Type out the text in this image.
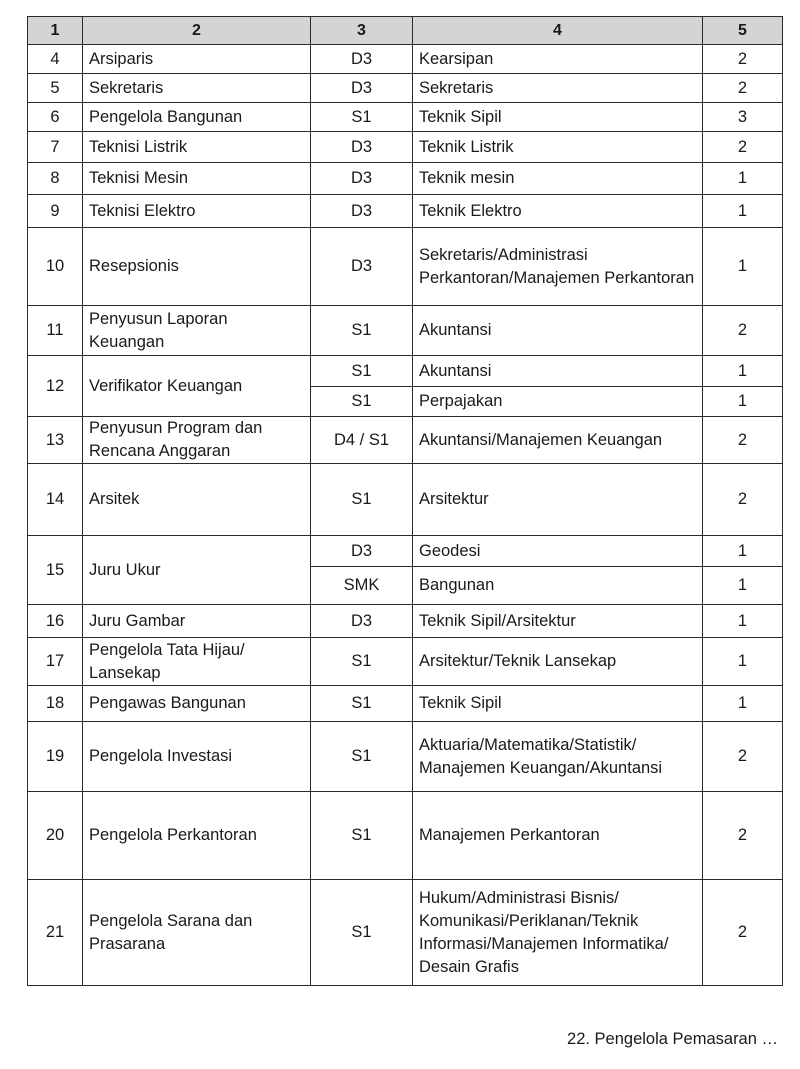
1	2	3	4	5
4	Arsiparis	D3	Kearsipan	2
5	Sekretaris	D3	Sekretaris	2
6	Pengelola Bangunan	S1	Teknik Sipil	3
7	Teknisi Listrik	D3	Teknik Listrik	2
8	Teknisi Mesin	D3	Teknik mesin	1
9	Teknisi Elektro	D3	Teknik Elektro	1
10	Resepsionis	D3	Sekretaris/Administrasi Perkantoran/Manajemen Perkantoran	1
11	Penyusun Laporan Keuangan	S1	Akuntansi	2
12	Verifikator Keuangan	S1	Akuntansi	1
		S1	Perpajakan	1
13	Penyusun Program dan Rencana Anggaran	D4 / S1	Akuntansi/Manajemen Keuangan	2
14	Arsitek	S1	Arsitektur	2
15	Juru Ukur	D3	Geodesi	1
		SMK	Bangunan	1
16	Juru Gambar	D3	Teknik Sipil/Arsitektur	1
17	Pengelola Tata Hijau/ Lansekap	S1	Arsitektur/Teknik Lansekap	1
18	Pengawas Bangunan	S1	Teknik Sipil	1
19	Pengelola Investasi	S1	Aktuaria/Matematika/Statistik/ Manajemen Keuangan/Akuntansi	2
20	Pengelola Perkantoran	S1	Manajemen Perkantoran	2
21	Pengelola Sarana dan Prasarana	S1	Hukum/Administrasi Bisnis/ Komunikasi/Periklanan/Teknik Informasi/Manajemen Informatika/ Desain Grafis	2
22. Pengelola Pemasaran …
